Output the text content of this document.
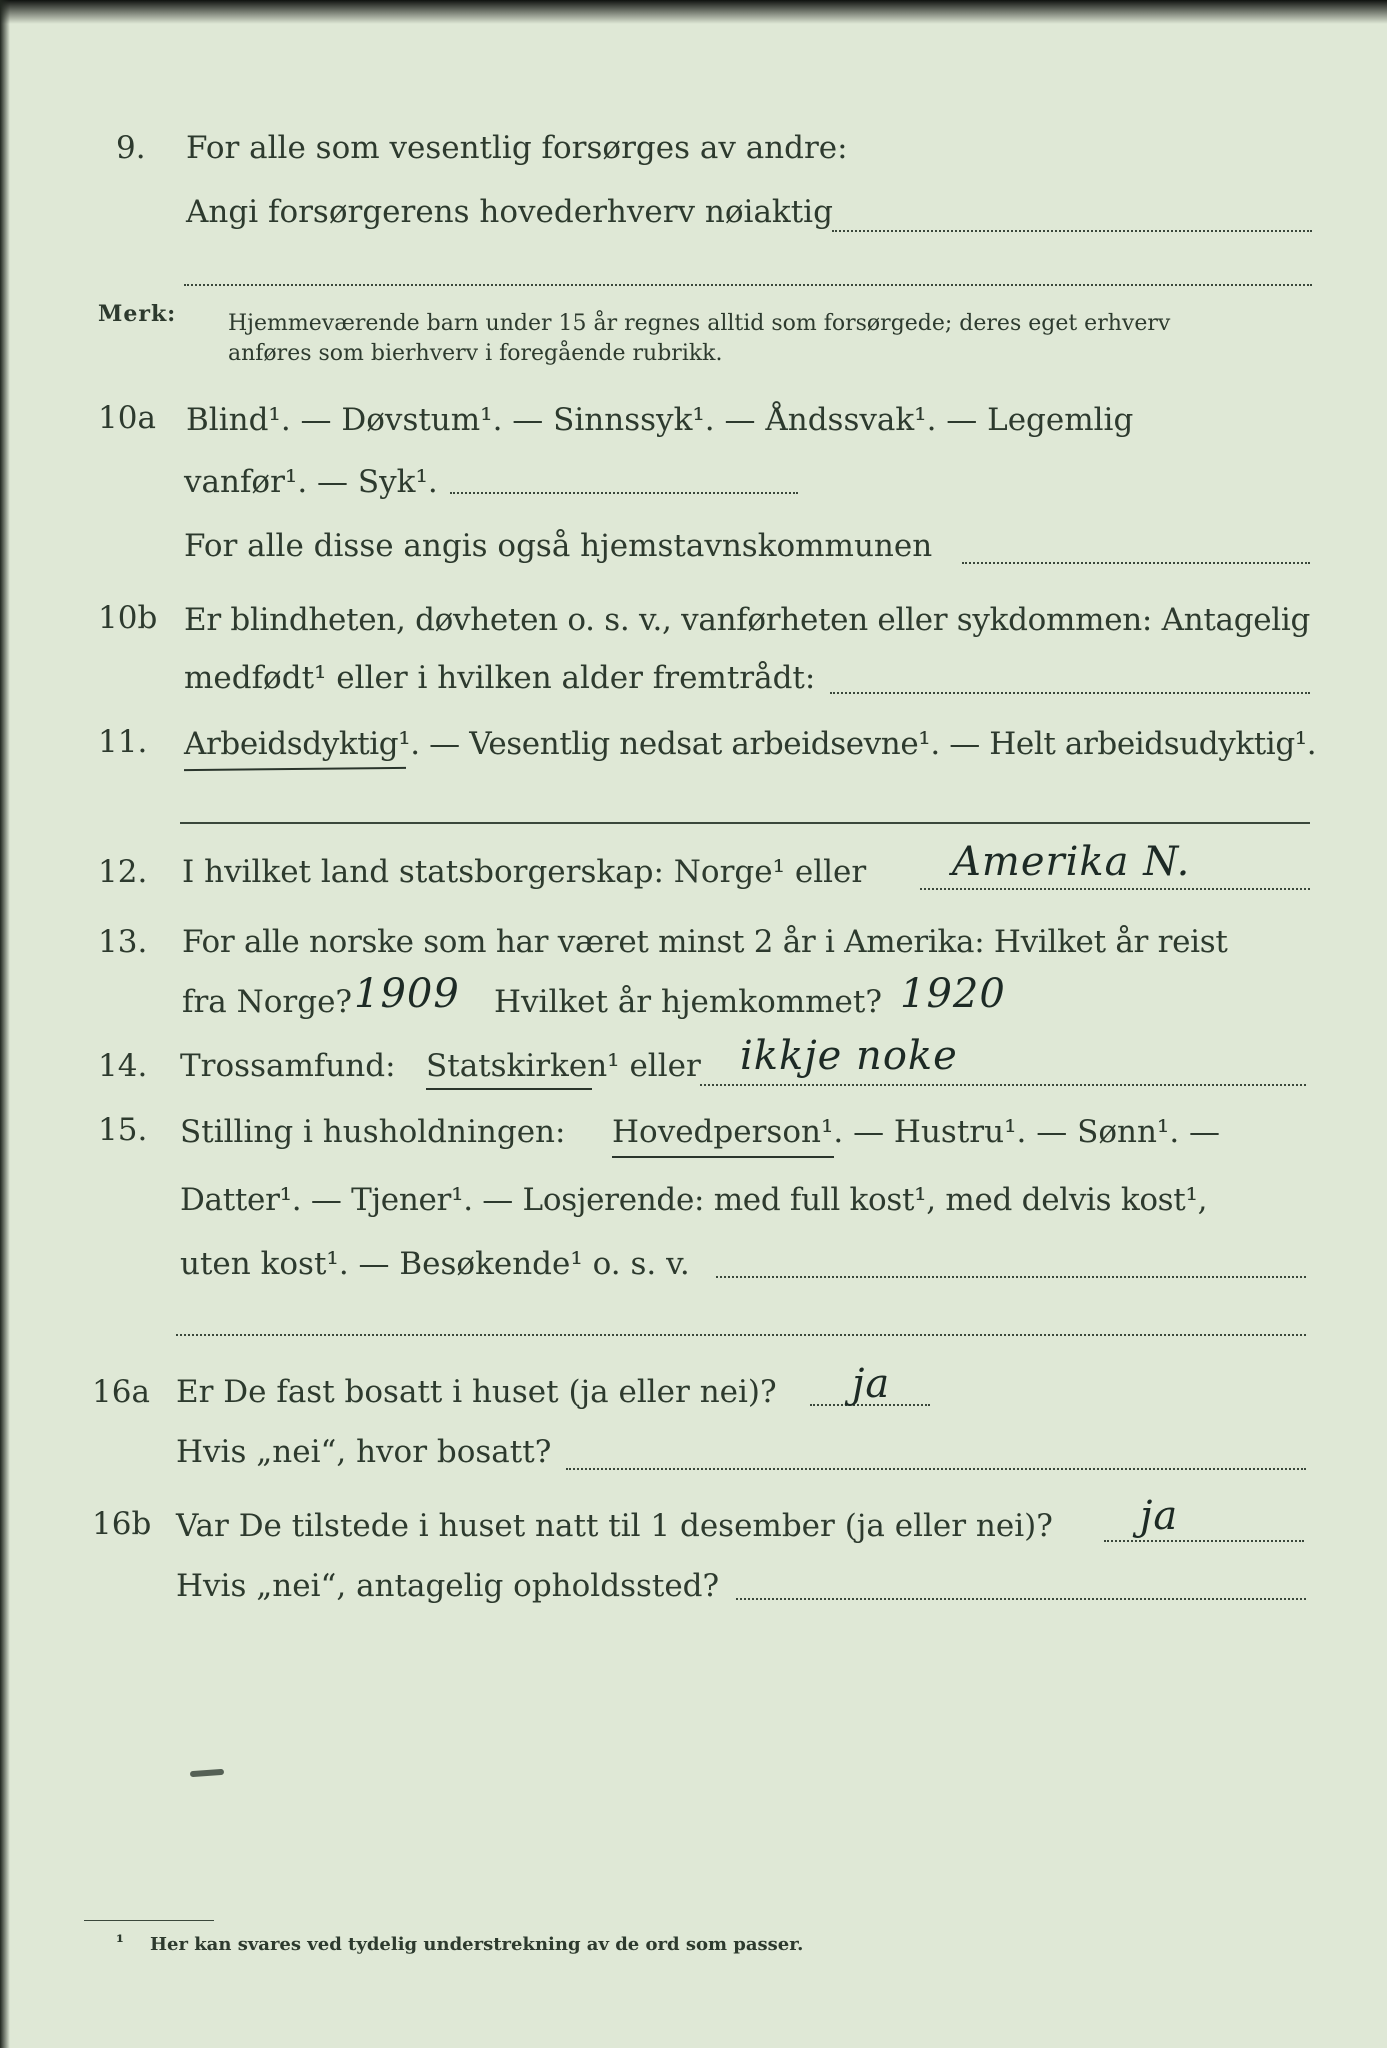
9. For alle som vesentlig forsørges av andre:
Angi forsørgerens hovederhverv nøiaktig
Merk: Hjemmeværende barn under 15 år regnes alltid som forsørgede; deres eget erhverv
anføres som bierhverv i foregående rubrikk.
10a Blind¹. — Døvstum¹. — Sinnssyk¹. — Åndssvak¹. — Legemlig
vanfør¹. — Syk¹.
For alle disse angis også hjemstavnskommunen
10b Er blindheten, døvheten o. s. v., vanførheten eller sykdommen: Antagelig
medfødt¹ eller i hvilken alder fremtrådt:
11. Arbeidsdyktig¹. — Vesentlig nedsat arbeidsevne¹. — Helt arbeidsudyktig¹.
12. I hvilket land statsborgerskap: Norge¹ eller Amerika N.
13. For alle norske som har været minst 2 år i Amerika: Hvilket år reist
fra Norge? 1909 Hvilket år hjemkommet? 1920
14. Trossamfund: Statskirken¹ eller ikkje noke
15. Stilling i husholdningen: Hovedperson¹. — Hustru¹. — Sønn¹. —
Datter¹. — Tjener¹. — Losjerende: med full kost¹, med delvis kost¹,
uten kost¹. — Besøkende¹ o. s. v.
16a Er De fast bosatt i huset (ja eller nei)? ja
Hvis „nei“, hvor bosatt?
16b Var De tilstede i huset natt til 1 desember (ja eller nei)? ja
Hvis „nei“, antagelig opholdssted?
¹ Her kan svares ved tydelig understrekning av de ord som passer.
